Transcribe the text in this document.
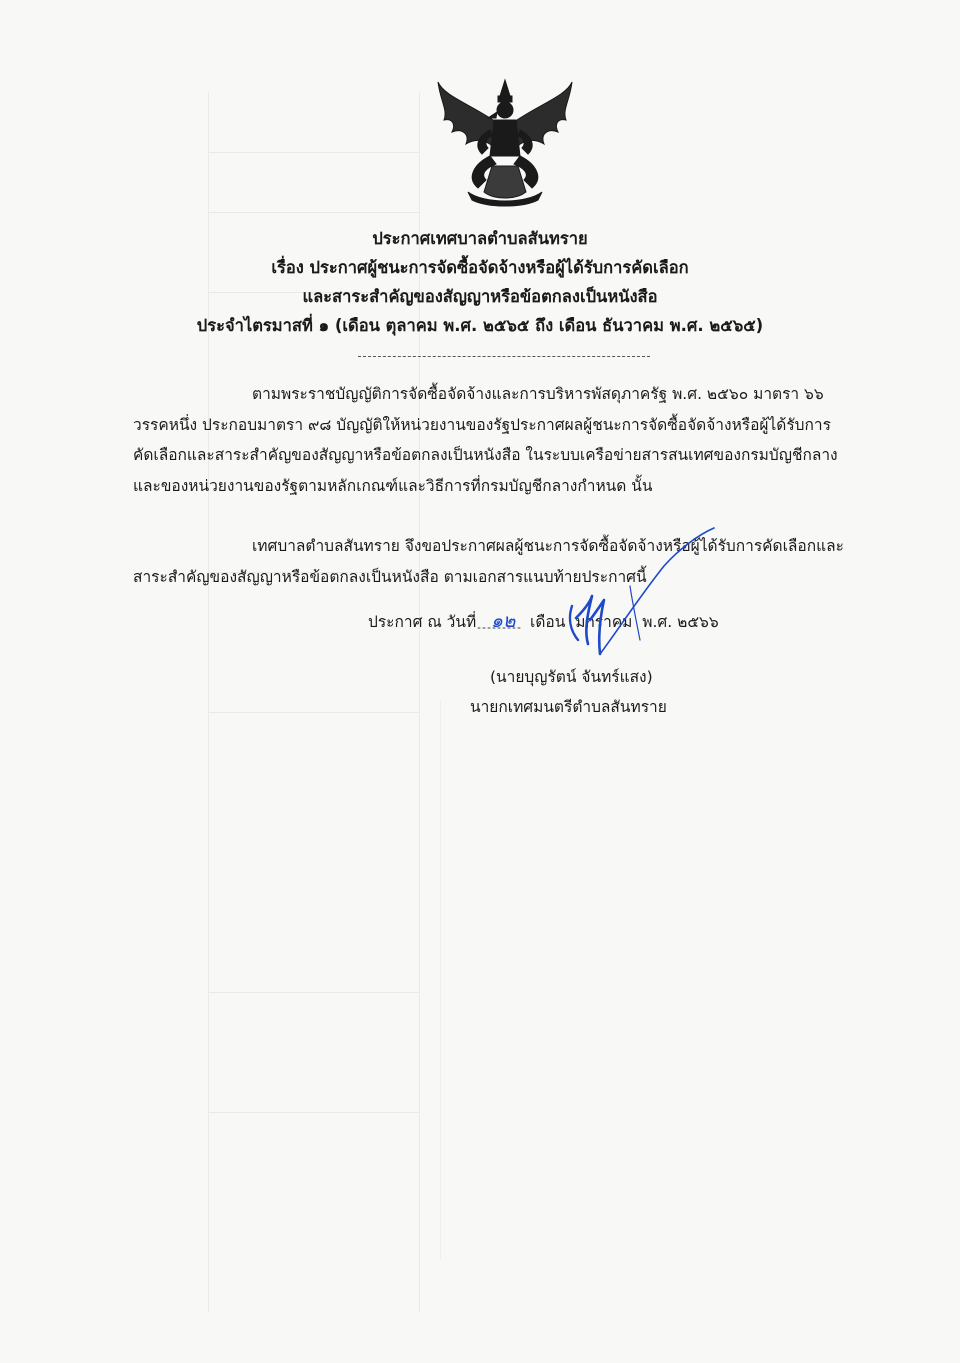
ประกาศเทศบาลตำบลสันทราย
เรื่อง ประกาศผู้ชนะการจัดซื้อจัดจ้างหรือผู้ได้รับการคัดเลือก
และสาระสำคัญของสัญญาหรือข้อตกลงเป็นหนังสือ
ประจำไตรมาสที่ ๑ (เดือน ตุลาคม พ.ศ. ๒๕๖๕ ถึง เดือน ธันวาคม พ.ศ. ๒๕๖๕)
ตามพระราชบัญญัติการจัดซื้อจัดจ้างและการบริหารพัสดุภาครัฐ พ.ศ. ๒๕๖๐ มาตรา ๖๖
วรรคหนึ่ง ประกอบมาตรา ๙๘ บัญญัติให้หน่วยงานของรัฐประกาศผลผู้ชนะการจัดซื้อจัดจ้างหรือผู้ได้รับการ
คัดเลือกและสาระสำคัญของสัญญาหรือข้อตกลงเป็นหนังสือ ในระบบเครือข่ายสารสนเทศของกรมบัญชีกลาง
และของหน่วยงานของรัฐตามหลักเกณฑ์และวิธีการที่กรมบัญชีกลางกำหนด นั้น
เทศบาลตำบลสันทราย จึงขอประกาศผลผู้ชนะการจัดซื้อจัดจ้างหรือผู้ได้รับการคัดเลือกและ
สาระสำคัญของสัญญาหรือข้อตกลงเป็นหนังสือ ตามเอกสารแนบท้ายประกาศนี้
ประกาศ ณ วันที่ ๑๒ เดือน มกราคม พ.ศ. ๒๕๖๖
(นายบุญรัตน์ จันทร์แสง)
นายกเทศมนตรีตำบลสันทราย
